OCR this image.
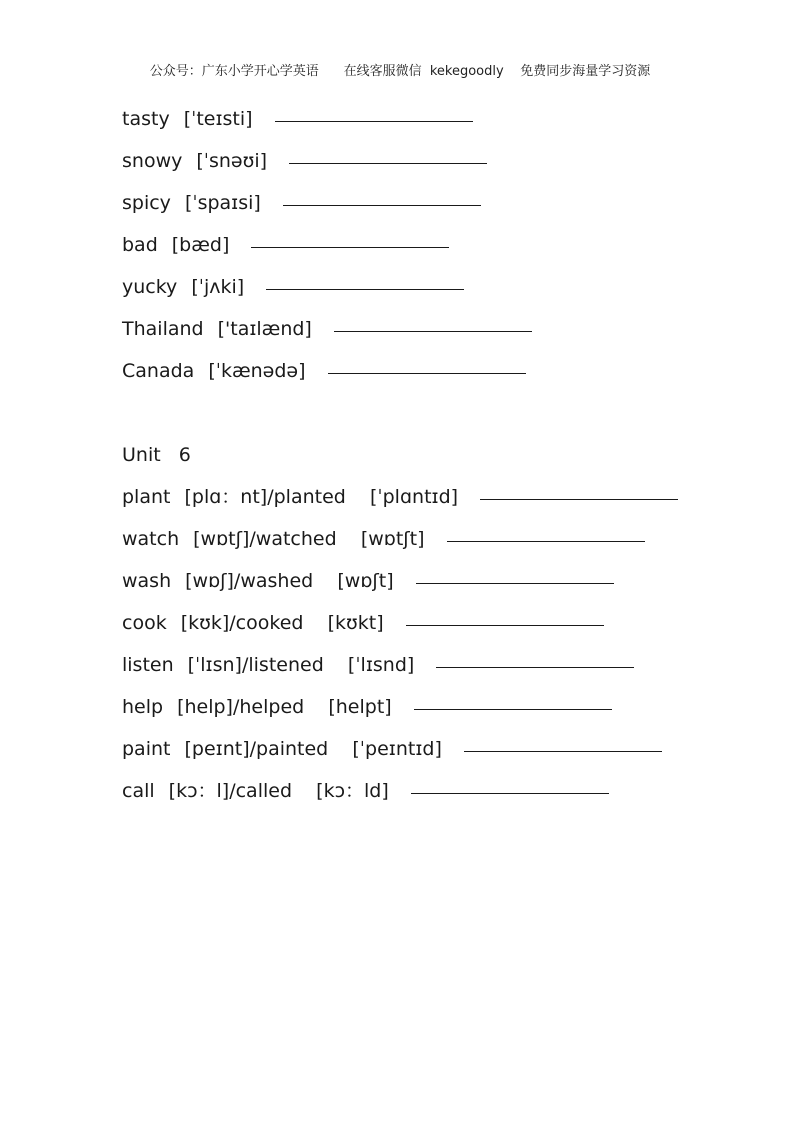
公众号：广东小学开心学英语      在线客服微信  kekegoodly    免费同步海量学习资源
tasty [ˈteɪsti]
snowy [ˈsnəʊi]
spicy [ˈspaɪsi]
bad [bæd]
yucky [ˈjʌki]
Thailand ['taɪlænd]
Canada [ˈkænədə]
Unit   6
plant [plɑ：nt]/planted    [ˈplɑntɪd]
watch [wɒtʃ]/watched    [wɒtʃt]
wash [wɒʃ]/washed    [wɒʃt]
cook [kʊk]/cooked    [kʊkt]
listen [ˈlɪsn]/listened    [ˈlɪsnd]
help [help]/helped    [helpt]
paint [peɪnt]/painted    [ˈpeɪntɪd]
call [kɔ：l]/called    [kɔ：ld]
